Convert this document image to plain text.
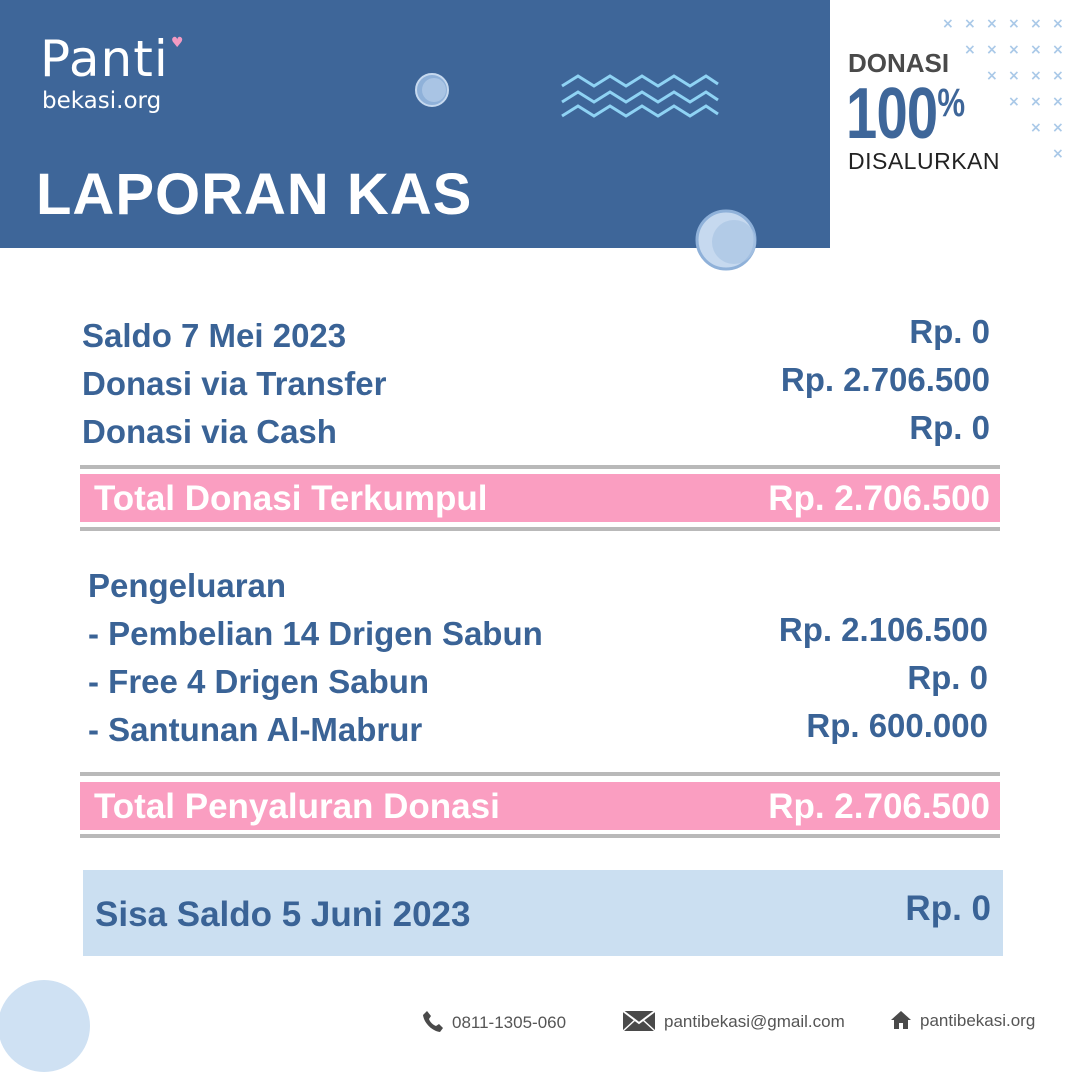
Panti ♥
bekasi.org
LAPORAN KAS
× × × × × ×
× × × × ×
× × × ×
× × ×
× ×
×
DONASI
100%
DISALURKAN
Saldo 7 Mei 2023	Rp. 0
Donasi via Transfer	Rp. 2.706.500
Donasi via Cash	Rp. 0
Total Donasi Terkumpul	Rp. 2.706.500
Pengeluaran
- Pembelian 14 Drigen Sabun	Rp. 2.106.500
- Free 4 Drigen Sabun	Rp. 0
- Santunan Al-Mabrur	Rp. 600.000
Total Penyaluran Donasi	Rp. 2.706.500
Sisa Saldo 5 Juni 2023	Rp. 0
0811-1305-060	pantibekasi@gmail.com	pantibekasi.org
